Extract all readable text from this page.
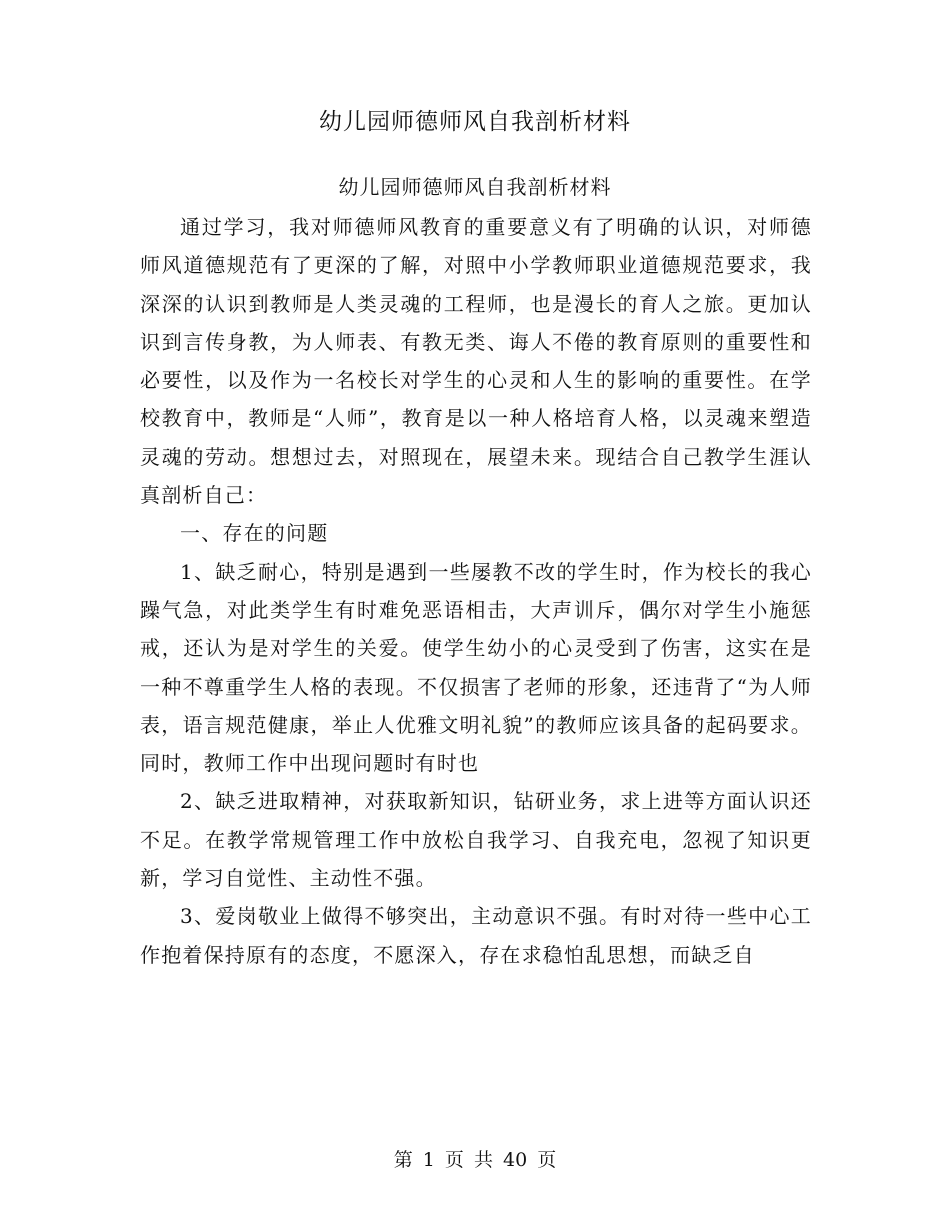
幼儿园师德师风自我剖析材料
幼儿园师德师风自我剖析材料

通过学习，我对师德师风教育的重要意义有了明确的认识，对师德师风道德规范有了更深的了解，对照中小学教师职业道德规范要求，我深深的认识到教师是人类灵魂的工程师，也是漫长的育人之旅。更加认识到言传身教，为人师表、有教无类、诲人不倦的教育原则的重要性和必要性，以及作为一名校长对学生的心灵和人生的影响的重要性。在学校教育中，教师是“人师”，教育是以一种人格培育人格，以灵魂来塑造灵魂的劳动。想想过去，对照现在，展望未来。现结合自己教学生涯认真剖析自己：

一、存在的问题

1、缺乏耐心，特别是遇到一些屡教不改的学生时，作为校长的我心躁气急，对此类学生有时难免恶语相击，大声训斥，偶尔对学生小施惩戒，还认为是对学生的关爱。使学生幼小的心灵受到了伤害，这实在是一种不尊重学生人格的表现。不仅损害了老师的形象，还违背了“为人师表，语言规范健康，举止人优雅文明礼貌”的教师应该具备的起码要求。同时，教师工作中出现问题时有时也

2、缺乏进取精神，对获取新知识，钻研业务，求上进等方面认识还不足。在教学常规管理工作中放松自我学习、自我充电，忽视了知识更新，学习自觉性、主动性不强。

3、爱岗敬业上做得不够突出，主动意识不强。有时对待一些中心工作抱着保持原有的态度，不愿深入，存在求稳怕乱思想，而缺乏自

第 1 页 共 40 页
